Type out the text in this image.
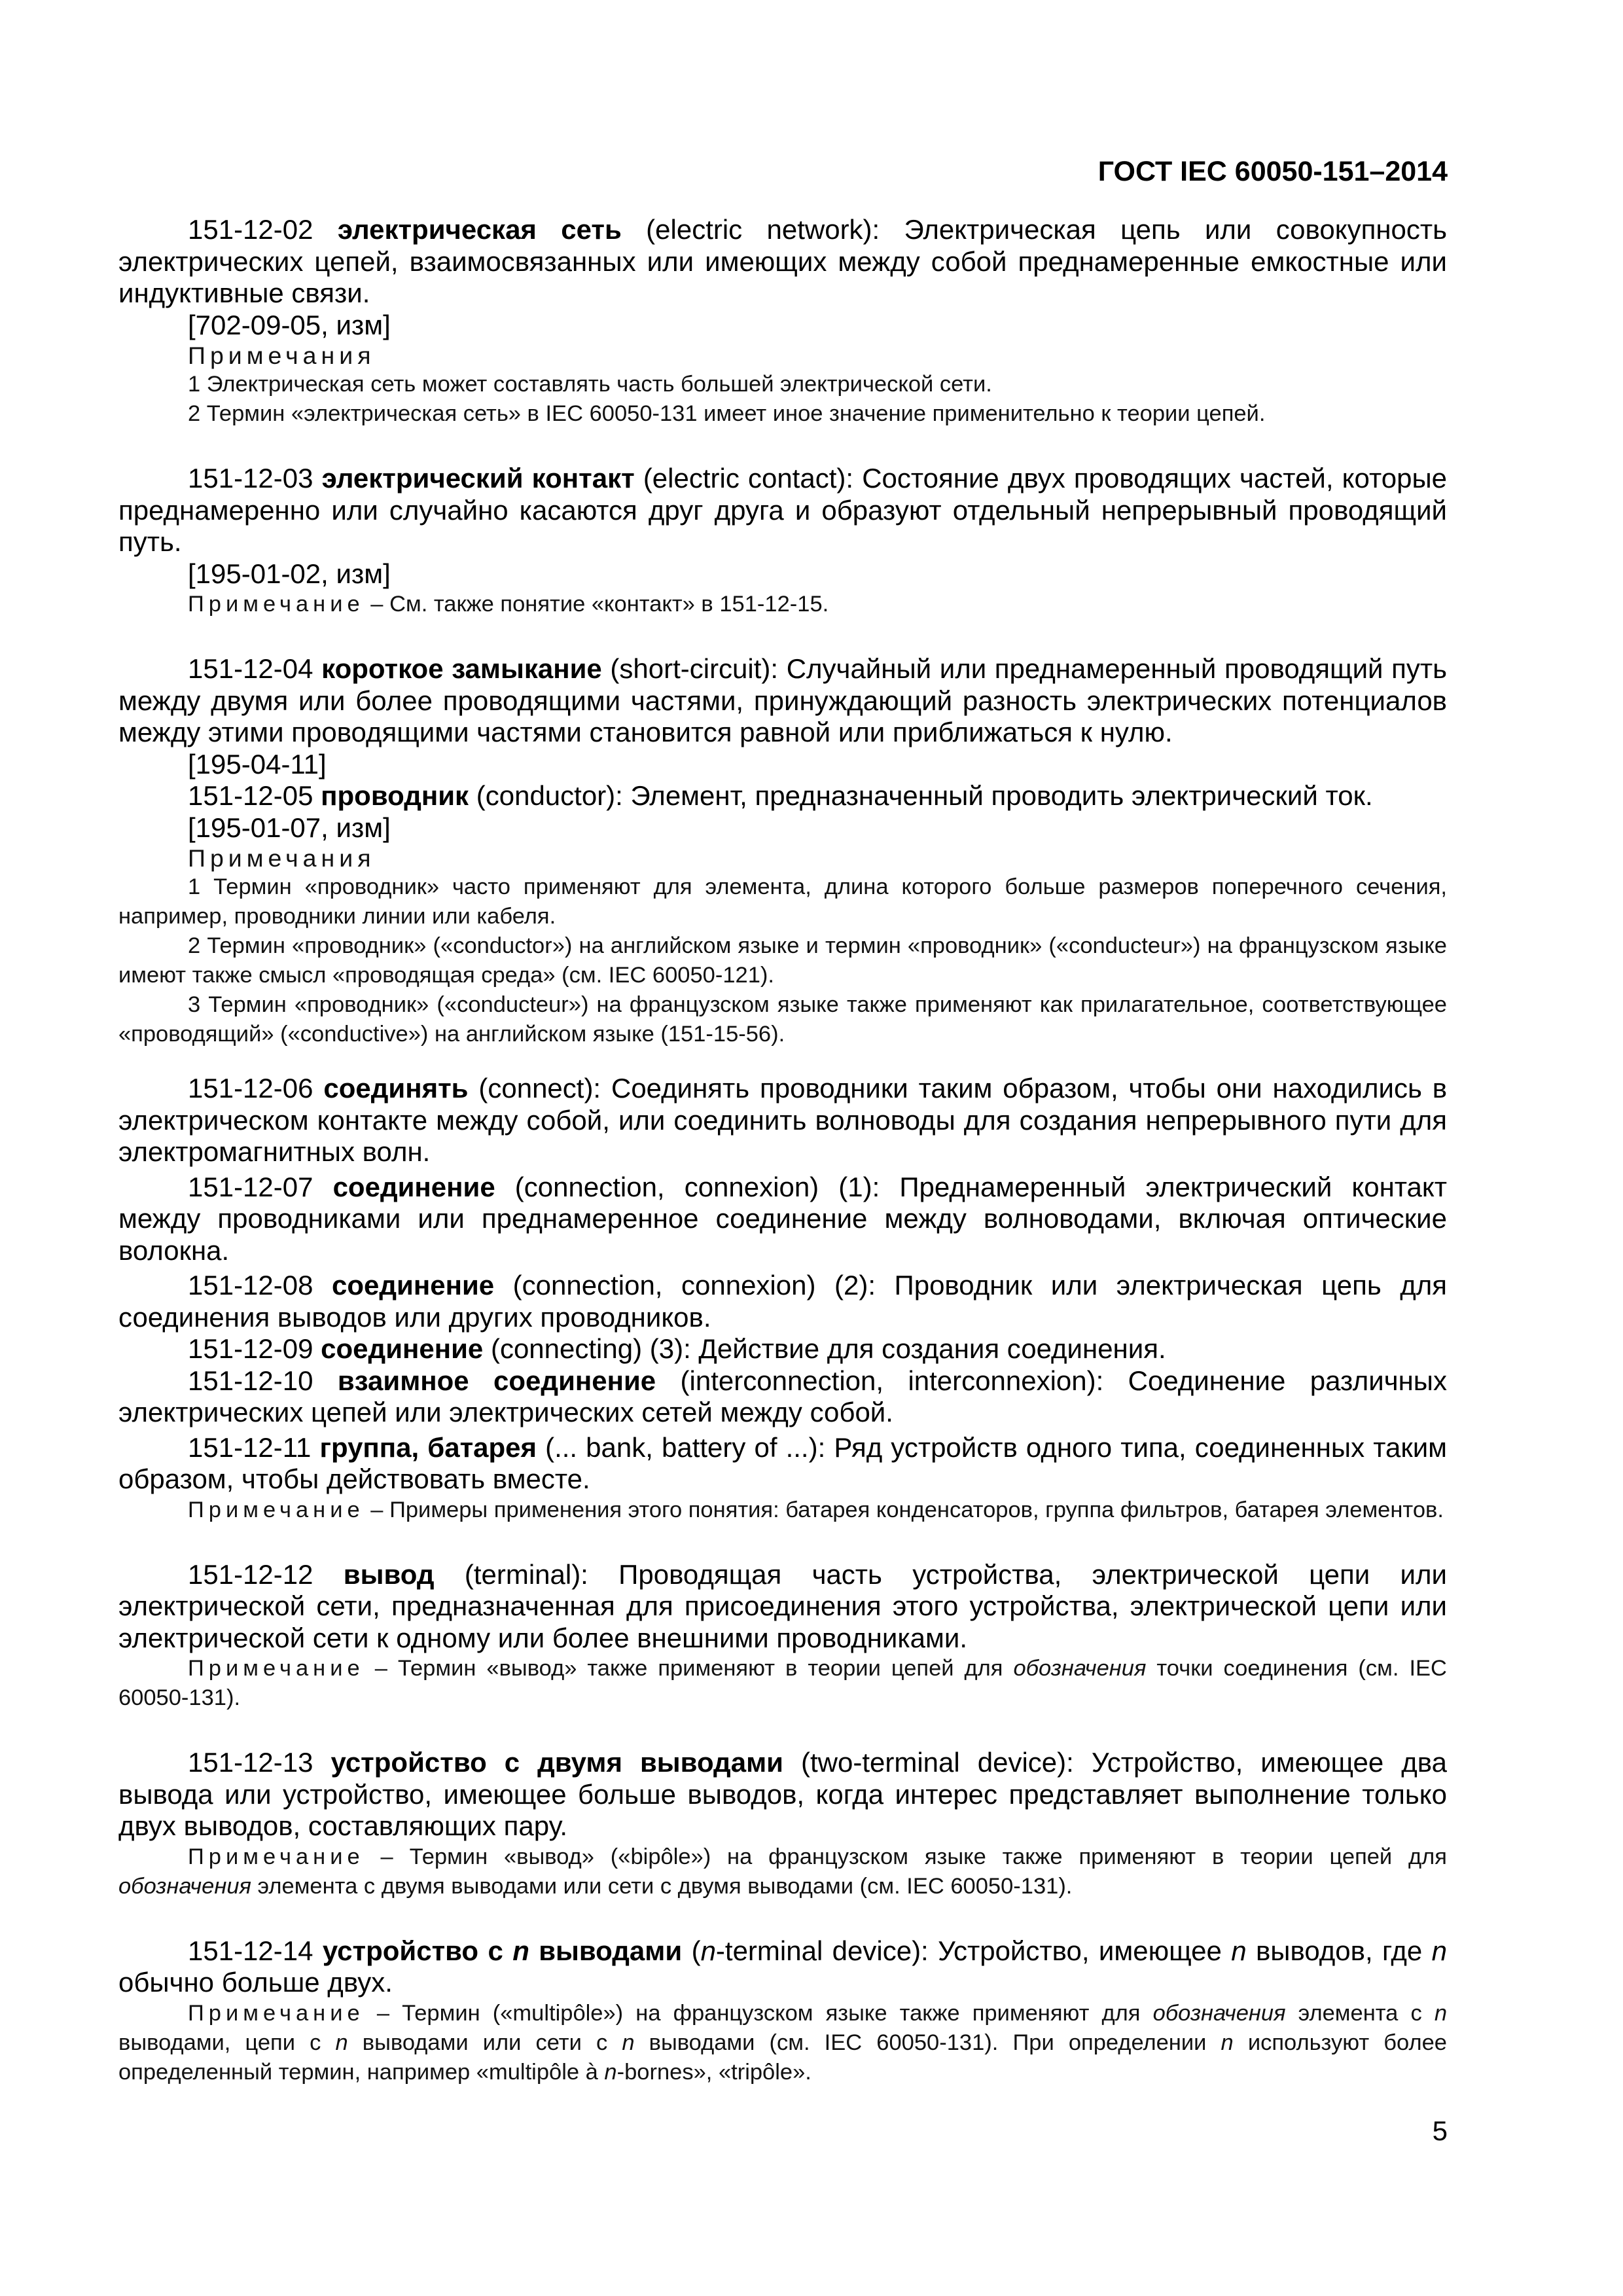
ГОСТ IEC 60050-151–2014

151-12-02 электрическая сеть (electric network): Электрическая цепь или совокупность электрических цепей, взаимосвязанных или имеющих между собой преднамеренные емкостные или индуктивные связи.

[702-09-05, изм]

Примечания

1 Электрическая сеть может составлять часть большей электрической сети.

2 Термин «электрическая сеть» в IEC 60050-131 имеет иное значение применительно к теории цепей.

151-12-03 электрический контакт (electric contact): Состояние двух проводящих частей, которые преднамеренно или случайно касаются друг друга и образуют отдельный непрерывный проводящий путь.

[195-01-02, изм]

Примечание – См. также понятие «контакт» в 151-12-15.

151-12-04 короткое замыкание (short-circuit): Случайный или преднамеренный проводящий путь между двумя или более проводящими частями, принуждающий разность электрических потенциалов между этими проводящими частями становится равной или приближаться к нулю.

[195-04-11]

151-12-05 проводник (conductor): Элемент, предназначенный проводить электрический ток.

[195-01-07, изм]

Примечания

1 Термин «проводник» часто применяют для элемента, длина которого больше размеров поперечного сечения, например, проводники линии или кабеля.

2 Термин «проводник» («conductor») на английском языке и термин «проводник» («conducteur») на французском языке имеют также смысл «проводящая среда» (см. IEC 60050-121).

3 Термин «проводник» («conducteur») на французском языке также применяют как прилагательное, соответствующее «проводящий» («conductive») на английском языке (151-15-56).

151-12-06 соединять (connect): Соединять проводники таким образом, чтобы они находились в электрическом контакте между собой, или соединить волноводы для создания непрерывного пути для электромагнитных волн.

151-12-07 соединение (connection, connexion) (1): Преднамеренный электрический контакт между проводниками или преднамеренное соединение между волноводами, включая оптические волокна.

151-12-08 соединение (connection, connexion) (2): Проводник или электрическая цепь для соединения выводов или других проводников.

151-12-09 соединение (connecting) (3): Действие для создания соединения.

151-12-10 взаимное соединение (interconnection, interconnexion): Соединение различных электрических цепей или электрических сетей между собой.

151-12-11 группа, батарея (... bank, battery of ...): Ряд устройств одного типа, соединенных таким образом, чтобы действовать вместе.

Примечание – Примеры применения этого понятия: батарея конденсаторов, группа фильтров, батарея элементов.

151-12-12 вывод (terminal): Проводящая часть устройства, электрической цепи или электрической сети, предназначенная для присоединения этого устройства, электрической цепи или электрической сети к одному или более внешними проводниками.

Примечание – Термин «вывод» также применяют в теории цепей для обозначения точки соединения (см. IEC 60050-131).

151-12-13 устройство с двумя выводами (two-terminal device): Устройство, имеющее два вывода или устройство, имеющее больше выводов, когда интерес представляет выполнение только двух выводов, составляющих пару.

Примечание – Термин «вывод» («bipôle») на французском языке также применяют в теории цепей для обозначения элемента с двумя выводами или сети с двумя выводами (см. IEC 60050-131).

151-12-14 устройство с n выводами (n-terminal device): Устройство, имеющее n выводов, где n обычно больше двух.

Примечание – Термин («multipôle») на французском языке также применяют для обозначения элемента с n выводами, цепи с n выводами или сети с n выводами (см. IEC 60050-131). При определении n используют более определенный термин, например «multipôle à n-bornes», «tripôle».

5
